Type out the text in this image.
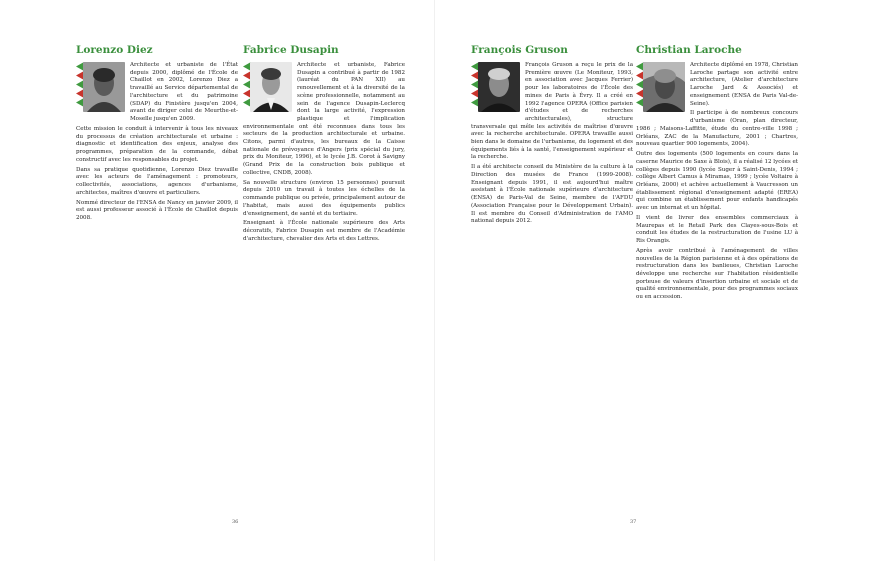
Lorenzo Diez

Architecte et urbaniste de l'État depuis 2000, diplômé de l'École de Chaillot en 2002, Lorenzo Diez a travaillé au Service départemental de l'architecture et du patrimoine (SDAP) du Finistère jusqu'en 2004, avant de diriger celui de Meurthe-et-Moselle jusqu'en 2009.

Cette mission le conduit à intervenir à tous les niveaux du processus de création architecturale et urbaine : diagnostic et identification des enjeux, analyse des programmes, préparation de la commande, débat constructif avec les responsables du projet.

Dans sa pratique quotidienne, Lorenzo Diez travaille avec les acteurs de l'aménagement : promoteurs, collectivités, associations, agences d'urbanisme, architectes, maîtres d'œuvre et particuliers.

Nommé directeur de l'ENSA de Nancy en janvier 2009, il est aussi professeur associé à l'École de Chaillot depuis 2008.

Fabrice Dusapin

Architecte et urbaniste, Fabrice Dusapin a contribué à partir de 1982 (lauréat du PAN XII) au renouvellement et à la diversité de la scène professionnelle, notamment au sein de l'agence Dusapin-Leclercq dont la large activité, l'expression plastique et l'implication environnementale ont été reconnues dans tous les secteurs de la production architecturale et urbaine. Citons, parmi d'autres, les bureaux de la Caisse nationale de prévoyance d'Angers (prix spécial du jury, prix du Moniteur, 1996), et le lycée J.B. Corot à Savigny (Grand Prix de la construction bois publique et collective, CNDB, 2008).

Sa nouvelle structure (environ 15 personnes) poursuit depuis 2010 un travail à toutes les échelles de la commande publique ou privée, principalement autour de l'habitat, mais aussi des équipements publics d'enseignement, de santé et du tertiaire.

Enseignant à l'École nationale supérieure des Arts décoratifs, Fabrice Dusapin est membre de l'Académie d'architecture, chevalier des Arts et des Lettres.

36
François Gruson

François Gruson a reçu le prix de la Première œuvre (Le Moniteur, 1993, en association avec Jacques Ferrier) pour les laboratoires de l'École des mines de Paris à Évry. Il a créé en 1992 l'agence OPERA (Office parisien d'études et de recherches architecturales), structure transversale qui mêle les activités de maîtrise d'œuvre avec la recherche architecturale. OPERA travaille aussi bien dans le domaine de l'urbanisme, du logement et des équipements liés à la santé, l'enseignement supérieur et la recherche.

Il a été architecte conseil du Ministère de la culture à la Direction des musées de France (1999-2008). Enseignant depuis 1991, il est aujourd'hui maître assistant à l'École nationale supérieure d'architecture (ENSA) de Paris-Val de Seine, membre de l'AFDU (Association Française pour le Développement Urbain). Il est membre du Conseil d'Administration de l'AMO national depuis 2012.

Christian Laroche

Architecte diplômé en 1978, Christian Laroche partage son activité entre architecture, (Atelier d'architecture Laroche Jard & Associés) et enseignement (ENSA de Paris Val-de-Seine).

Il participe à de nombreux concours d'urbanisme (Oran, plan directeur, 1986 ; Maisons-Laffitte, étude du centre-ville 1998 ; Orléans, ZAC de la Manufacture, 2001 ; Chartres, nouveau quartier 900 logements, 2004).

Outre des logements (500 logements en cours dans la caserne Maurice de Saxe à Blois), il a réalisé 12 lycées et collèges depuis 1990 (lycée Suger à Saint-Denis, 1994 ; collège Albert Camus à Miramas, 1999 ; lycée Voltaire à Orléans, 2000) et achève actuellement à Vaucresson un établissement régional d'enseignement adapté (EREA) qui combine un établissement pour enfants handicapés avec un internat et un hôpital.

Il vient de livrer des ensembles commerciaux à Maurepas et le Retail Park des Clayes-sous-Bois et conduit les études de la restructuration de l'usine LU à Ris Orangis.

Après avoir contribué à l'aménagement de villes nouvelles de la Région parisienne et à des opérations de restructuration dans les banlieues, Christian Laroche développe une recherche sur l'habitation résidentielle porteuse de valeurs d'insertion urbaine et sociale et de qualité environnementale, pour des programmes sociaux ou en accession.

37
